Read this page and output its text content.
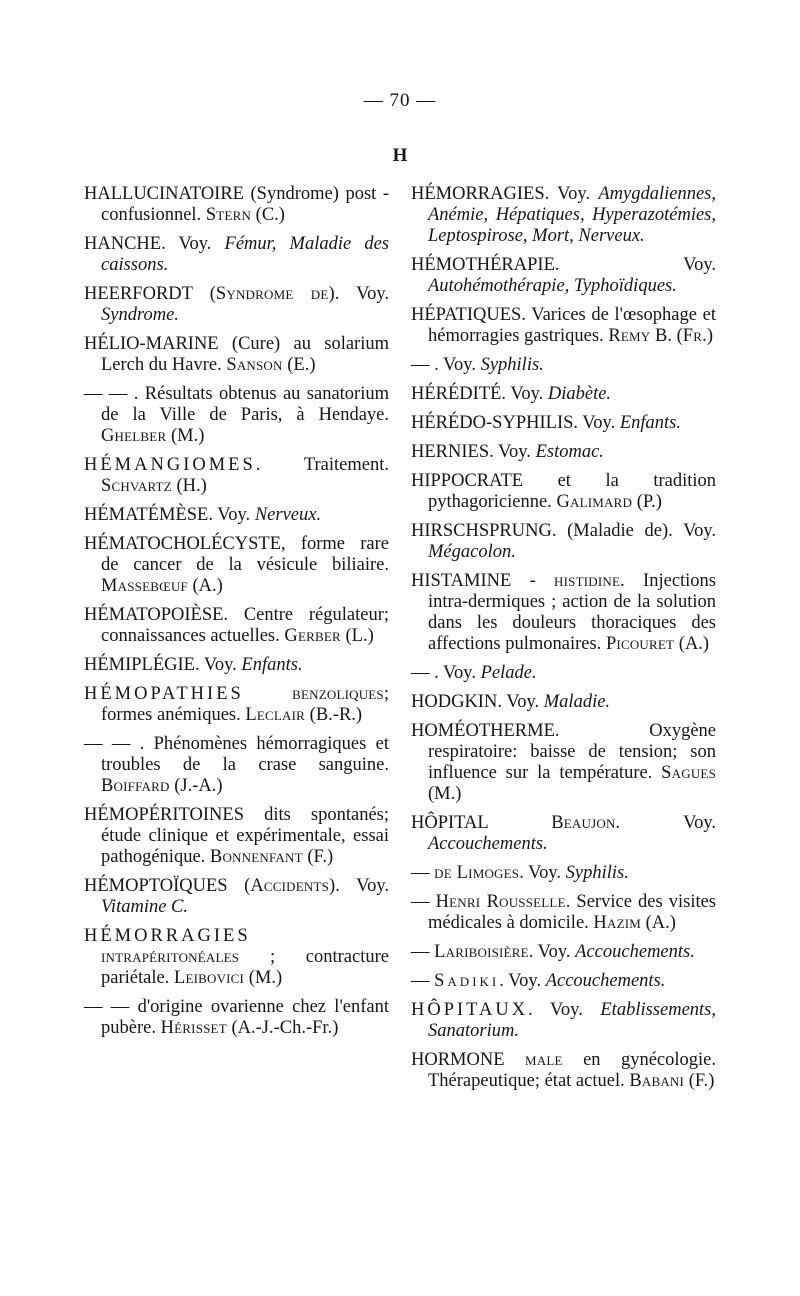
— 70 —
H

HALLUCINATOIRE (Syndrome) post - confusionnel. Stern (C.)

HANCHE. Voy. Fémur, Maladie des caissons.

HEERFORDT (Syndrome de). Voy. Syndrome.

HÉLIO-MARINE (Cure) au solarium Lerch du Havre. Sanson (E.)

— — . Résultats obtenus au sanatorium de la Ville de Paris, à Hendaye. Ghelber (M.)

HÉMANGIOMES. Traitement. Schvartz (H.)

HÉMATÉMÈSE. Voy. Nerveux.

HÉMATOCHOLÉCYSTE, forme rare de cancer de la vésicule biliaire. Massebœuf (A.)

HÉMATOPOIÈSE. Centre régulateur; connaissances actuelles. Gerber (L.)

HÉMIPLÉGIE. Voy. Enfants.

HÉMOPATHIES	benzoliques; formes anémiques. Leclair (B.-R.)

— — . Phénomènes hémorragiques et troubles de la crase sanguine. Boiffard (J.-A.)

HÉMOPÉRITOINES dits spontanés; étude clinique et expérimentale, essai pathogénique. Bonnenfant (F.)

HÉMOPTOÏQUES (Accidents). Voy. Vitamine C.

HÉMORRAGIES intrapéritonéales ; contracture pariétale. Leibovici (M.)

— — d'origine ovarienne chez l'enfant pubère. Hérisset (A.-J.-Ch.-Fr.)

HÉMORRAGIES. Voy. Amygdaliennes, Anémie, Hépatiques, Hyperazotémies, Leptospirose, Mort, Nerveux.

HÉMOTHÉRAPIE. Voy. Autohémothérapie, Typhoïdiques.

HÉPATIQUES. Varices de l'œsophage et hémorragies gastriques. Remy B. (Fr.)

— . Voy. Syphilis.

HÉRÉDITÉ. Voy. Diabète.

HÉRÉDO-SYPHILIS. Voy. Enfants.

HERNIES. Voy. Estomac.

HIPPOCRATE et la tradition pythagoricienne. Galimard (P.)

HIRSCHSPRUNG. (Maladie de). Voy. Mégacolon.

HISTAMINE - histidine. Injections intra-dermiques ; action de la solution dans les douleurs thoraciques des affections pulmonaires. Picouret (A.)

— . Voy. Pelade.

HODGKIN. Voy. Maladie.

HOMÉOTHERME. Oxygène respiratoire: baisse de tension; son influence sur la température. Sagues (M.)

HÔPITAL Beaujon. Voy. Accouchements.

— de Limoges. Voy. Syphilis.

— Henri Rousselle. Service des visites médicales à domicile. Hazim (A.)

— Lariboisière. Voy. Accouchements.

— Sadiki. Voy. Accouchements.

HÔPITAUX. Voy. Etablissements, Sanatorium.

HORMONE male en gynécologie. Thérapeutique; état actuel. Babani (F.)
